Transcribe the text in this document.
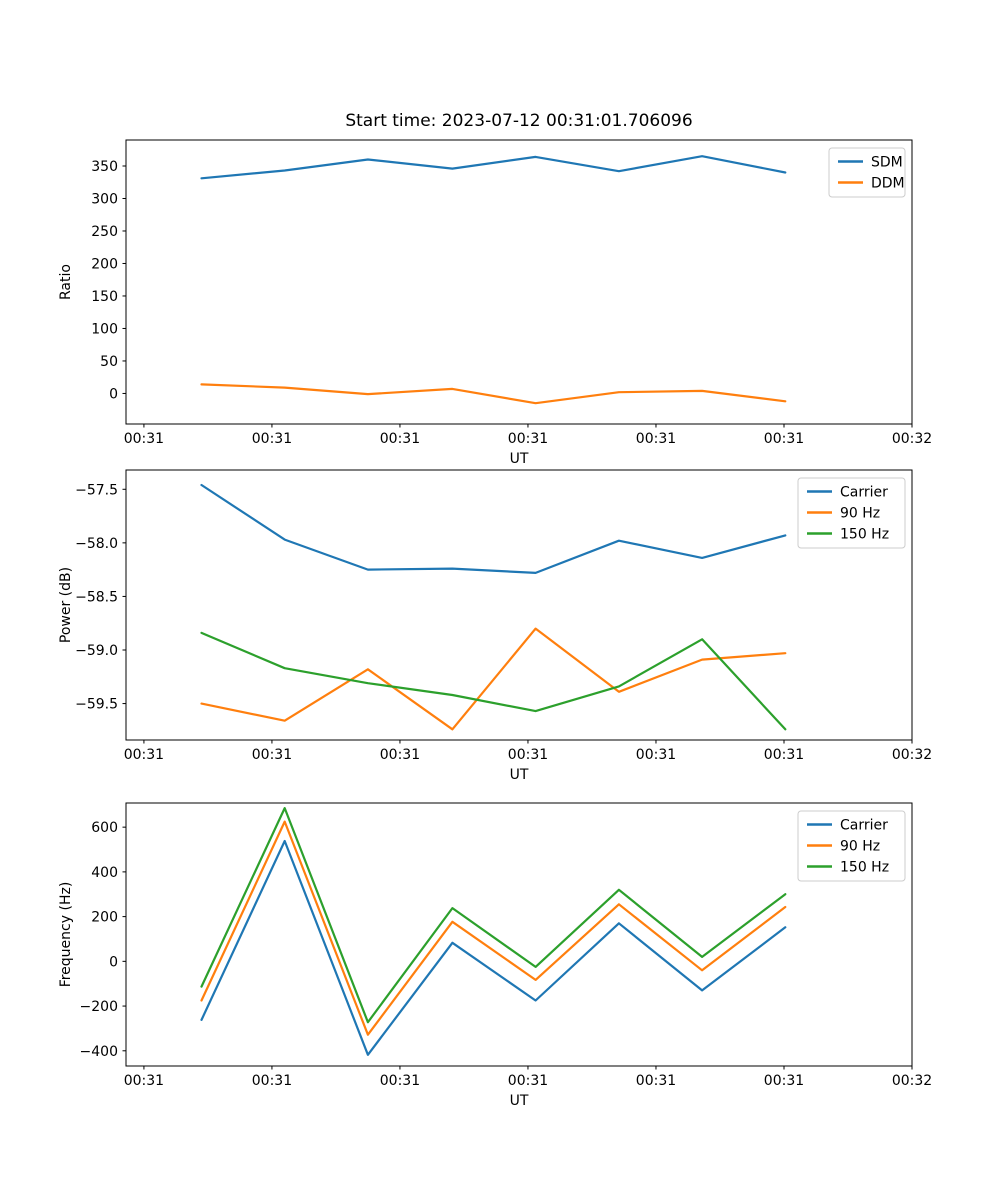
Start time: 2023-07-12 00:31:01.706096
00:31	00:31	00:31	00:31	00:31	00:31	00:32
0
50
100
150
200
250
300
350
UT
Ratio
SDM
DDM
00:31	00:31	00:31	00:31	00:31	00:31	00:32
−57.5
−58.0
−58.5
−59.0
−59.5
UT
Power (dB)
Carrier
90 Hz
150 Hz
00:31	00:31	00:31	00:31	00:31	00:31	00:32
−400
−200
0
200
400
600
UT
Frequency (Hz)
Carrier
90 Hz
150 Hz
